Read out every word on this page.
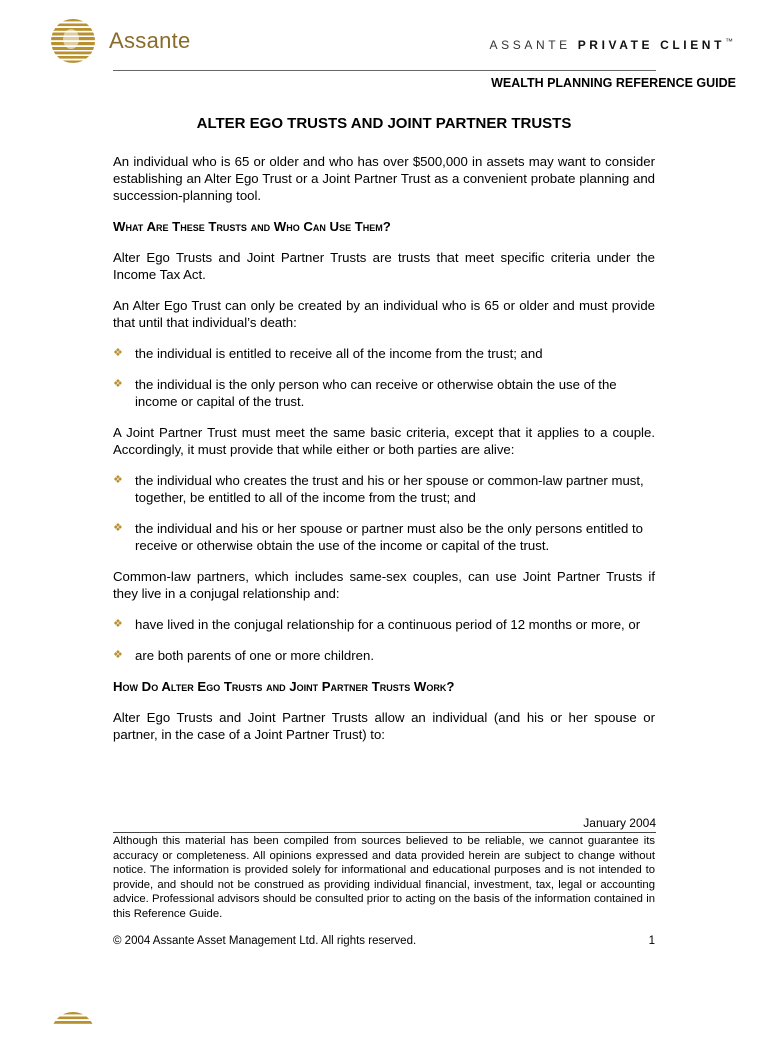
Assante	ASSANTE PRIVATE CLIENT™
WEALTH PLANNING REFERENCE GUIDE
ALTER EGO TRUSTS AND JOINT PARTNER TRUSTS

An individual who is 65 or older and who has over $500,000 in assets may want to consider establishing an Alter Ego Trust or a Joint Partner Trust as a convenient probate planning and succession-planning tool.

What Are These Trusts and Who Can Use Them?

Alter Ego Trusts and Joint Partner Trusts are trusts that meet specific criteria under the Income Tax Act.

An Alter Ego Trust can only be created by an individual who is 65 or older and must provide that until that individual’s death:

❖ the individual is entitled to receive all of the income from the trust; and
❖ the individual is the only person who can receive or otherwise obtain the use of the income or capital of the trust.

A Joint Partner Trust must meet the same basic criteria, except that it applies to a couple. Accordingly, it must provide that while either or both parties are alive:

❖ the individual who creates the trust and his or her spouse or common-law partner must, together, be entitled to all of the income from the trust; and
❖ the individual and his or her spouse or partner must also be the only persons entitled to receive or otherwise obtain the use of the income or capital of the trust.

Common-law partners, which includes same-sex couples, can use Joint Partner Trusts if they live in a conjugal relationship and:

❖ have lived in the conjugal relationship for a continuous period of 12 months or more, or
❖ are both parents of one or more children.
How Do Alter Ego Trusts and Joint Partner Trusts Work?

Alter Ego Trusts and Joint Partner Trusts allow an individual (and his or her spouse or partner, in the case of a Joint Partner Trust) to:

January 2004
Although this material has been compiled from sources believed to be reliable, we cannot guarantee its accuracy or completeness. All opinions expressed and data provided herein are subject to change without notice. The information is provided solely for informational and educational purposes and is not intended to provide, and should not be construed as providing individual financial, investment, tax, legal or accounting advice. Professional advisors should be consulted prior to acting on the basis of the information contained in this Reference Guide.
© 2004 Assante Asset Management Ltd. All rights reserved.	1
